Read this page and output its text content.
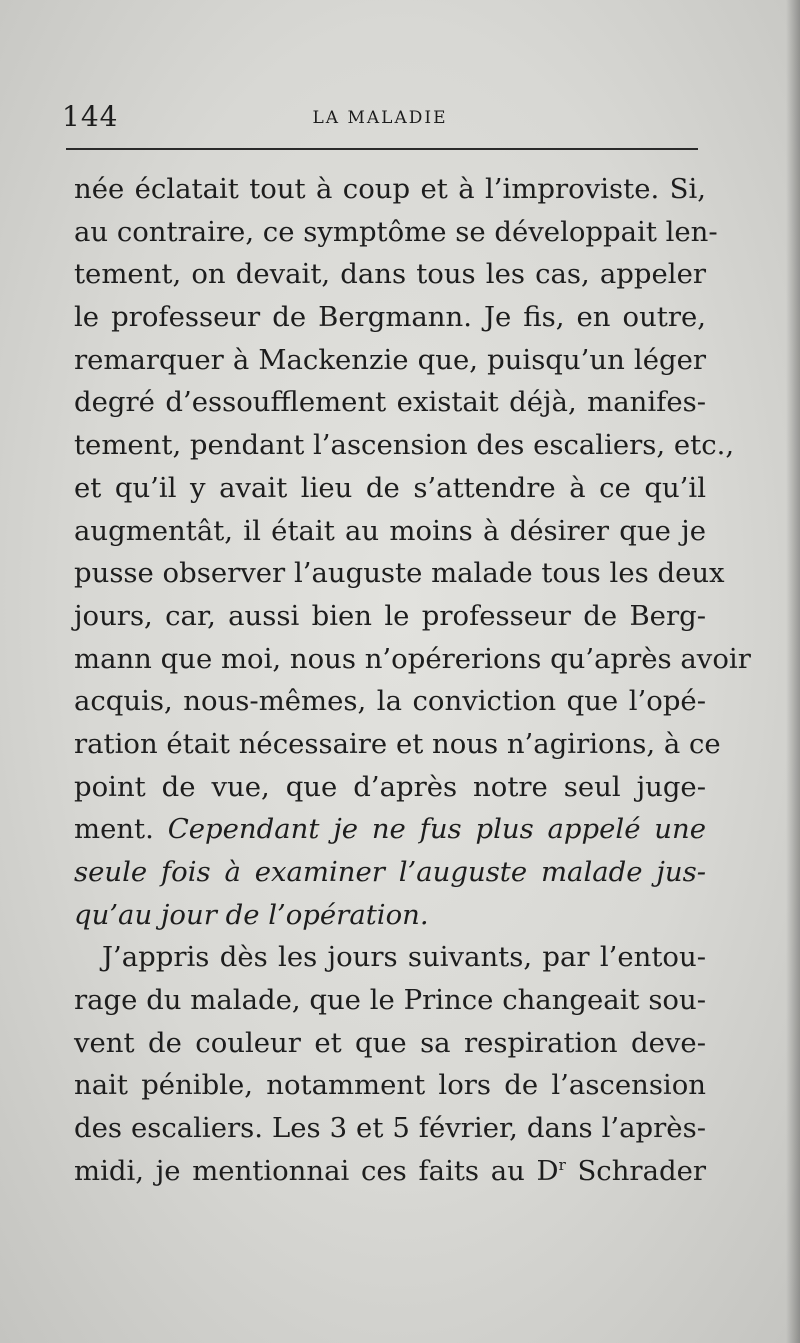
144	LA MALADIE
née éclatait tout à coup et à l’improviste. Si,
au contraire, ce symptôme se développait len-
tement, on devait, dans tous les cas, appeler
le professeur de Bergmann. Je fis, en outre,
remarquer à Mackenzie que, puisqu’un léger
degré d’essoufflement existait déjà, manifes-
tement, pendant l’ascension des escaliers, etc.,
et qu’il y avait lieu de s’attendre à ce qu’il
augmentât, il était au moins à désirer que je
pusse observer l’auguste malade tous les deux
jours, car, aussi bien le professeur de Berg-
mann que moi, nous n’opérerions qu’après avoir
acquis, nous-mêmes, la conviction que l’opé-
ration était nécessaire et nous n’agirions, à ce
point de vue, que d’après notre seul juge-
ment. Cependant je ne fus plus appelé une
seule fois à examiner l’auguste malade jus-
qu’au jour de l’opération.
J’appris dès les jours suivants, par l’entou-
rage du malade, que le Prince changeait sou-
vent de couleur et que sa respiration deve-
nait pénible, notamment lors de l’ascension
des escaliers. Les 3 et 5 février, dans l’après-
midi, je mentionnai ces faits au $D^r$ Schrader
